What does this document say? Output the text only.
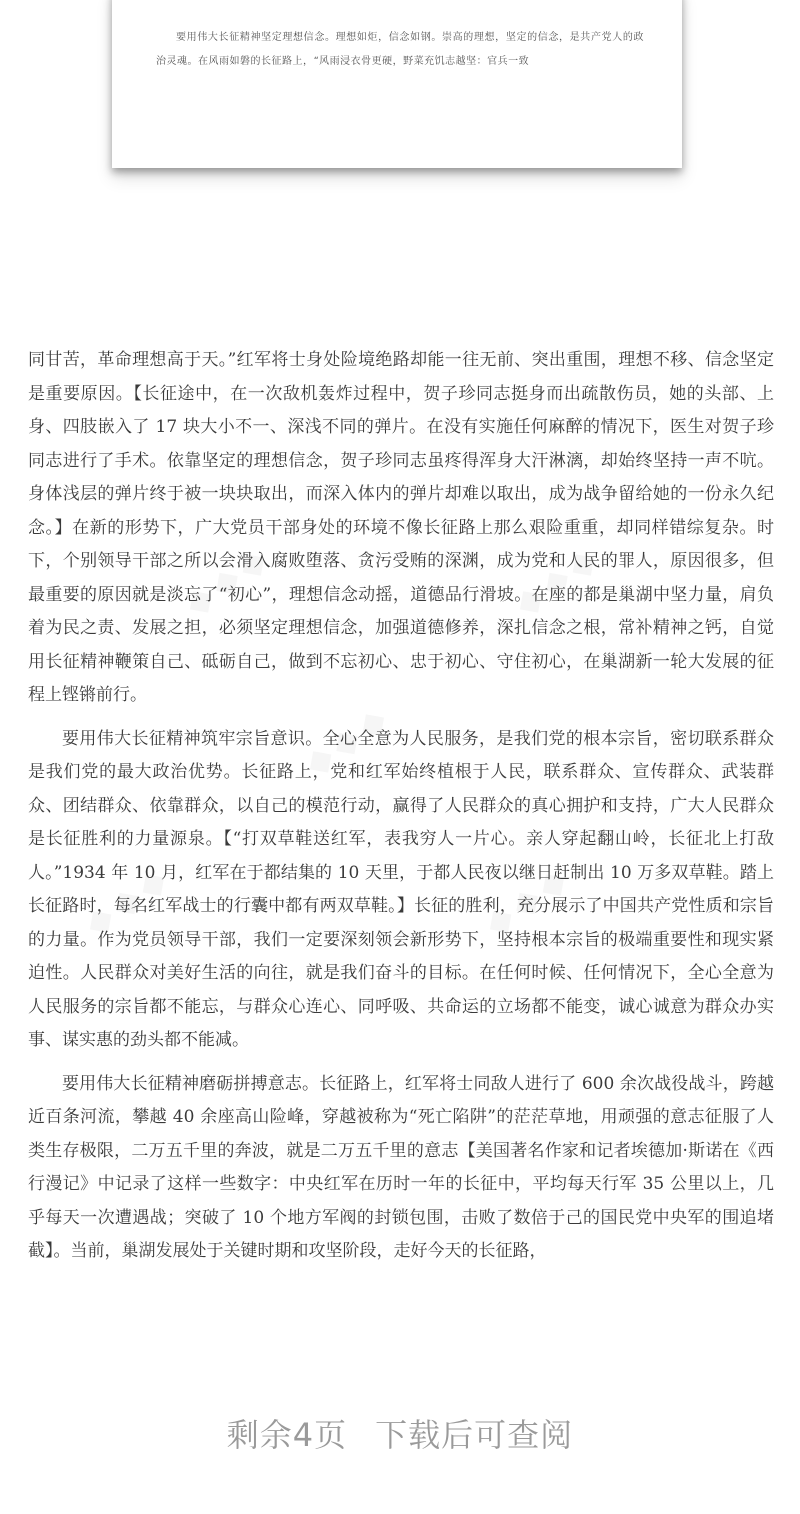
要用伟大长征精神坚定理想信念。理想如炬，信念如钢。崇高的理想，坚定的信念，是共产党人的政治灵魂。在风雨如磐的长征路上，“风雨浸衣骨更硬，野菜充饥志越坚：官兵一致

◆◆◆	◆◆◆
◆◆◆
◆◆◆	◆◆◆

同甘苦，革命理想高于天。”红军将士身处险境绝路却能一往无前、突出重围，理想不移、信念坚定是重要原因。【长征途中，在一次敌机轰炸过程中，贺子珍同志挺身而出疏散伤员，她的头部、上身、四肢嵌入了 17 块大小不一、深浅不同的弹片。在没有实施任何麻醉的情况下，医生对贺子珍同志进行了手术。依靠坚定的理想信念，贺子珍同志虽疼得浑身大汗淋漓，却始终坚持一声不吭。身体浅层的弹片终于被一块块取出，而深入体内的弹片却难以取出，成为战争留给她的一份永久纪念。】在新的形势下，广大党员干部身处的环境不像长征路上那么艰险重重，却同样错综复杂。时下，个别领导干部之所以会滑入腐败堕落、贪污受贿的深渊，成为党和人民的罪人，原因很多，但最重要的原因就是淡忘了“初心”，理想信念动摇，道德品行滑坡。在座的都是巢湖中坚力量，肩负着为民之责、发展之担，必须坚定理想信念，加强道德修养，深扎信念之根，常补精神之钙，自觉用长征精神鞭策自己、砥砺自己，做到不忘初心、忠于初心、守住初心，在巢湖新一轮大发展的征程上铿锵前行。

要用伟大长征精神筑牢宗旨意识。全心全意为人民服务，是我们党的根本宗旨，密切联系群众是我们党的最大政治优势。长征路上，党和红军始终植根于人民，联系群众、宣传群众、武装群众、团结群众、依靠群众，以自己的模范行动，赢得了人民群众的真心拥护和支持，广大人民群众是长征胜利的力量源泉。【“打双草鞋送红军，表我穷人一片心。亲人穿起翻山岭，长征北上打敌人。”1934 年 10 月，红军在于都结集的 10 天里，于都人民夜以继日赶制出 10 万多双草鞋。踏上长征路时，每名红军战士的行囊中都有两双草鞋。】长征的胜利，充分展示了中国共产党性质和宗旨的力量。作为党员领导干部，我们一定要深刻领会新形势下，坚持根本宗旨的极端重要性和现实紧迫性。人民群众对美好生活的向往，就是我们奋斗的目标。在任何时候、任何情况下，全心全意为人民服务的宗旨都不能忘，与群众心连心、同呼吸、共命运的立场都不能变，诚心诚意为群众办实事、谋实惠的劲头都不能减。

要用伟大长征精神磨砺拼搏意志。长征路上，红军将士同敌人进行了 600 余次战役战斗，跨越近百条河流，攀越 40 余座高山险峰，穿越被称为“死亡陷阱”的茫茫草地，用顽强的意志征服了人类生存极限，二万五千里的奔波，就是二万五千里的意志【美国著名作家和记者埃德加·斯诺在《西行漫记》中记录了这样一些数字：中央红军在历时一年的长征中，平均每天行军 35 公里以上，几乎每天一次遭遇战；突破了 10 个地方军阀的封锁包围，击败了数倍于己的国民党中央军的围追堵截】。当前，巢湖发展处于关键时期和攻坚阶段，走好今天的长征路，

剩余4页 下载后可查阅
